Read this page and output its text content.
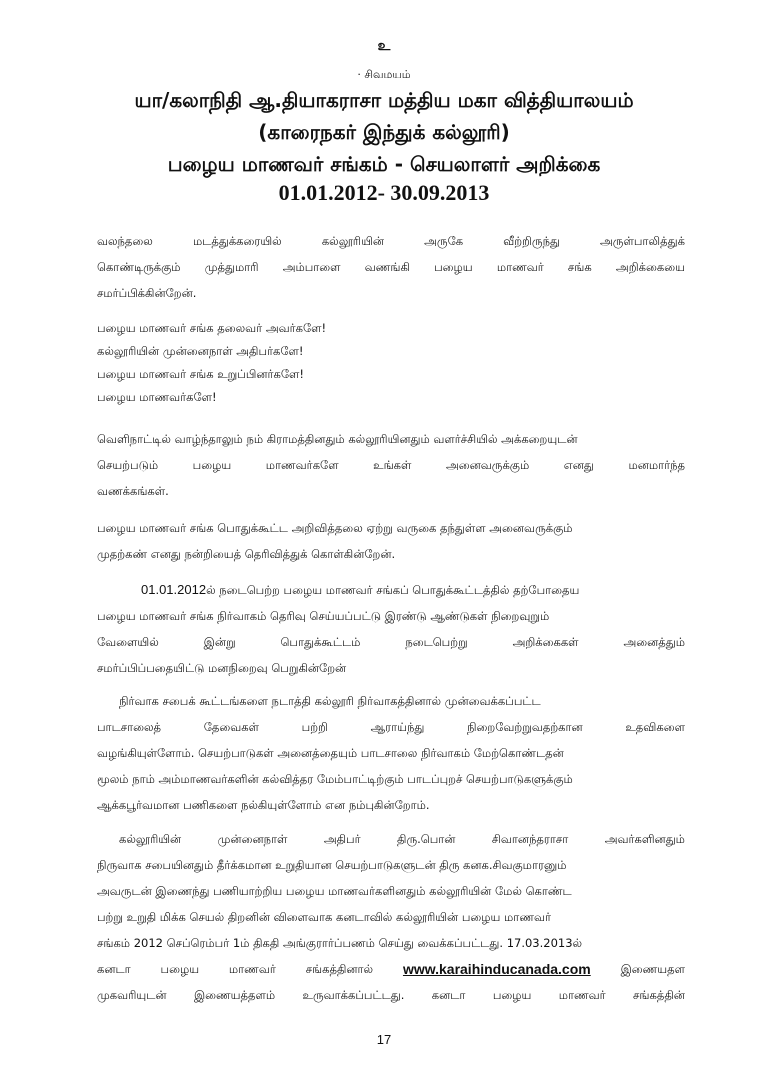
உ
· சிவமயம்
யா/கலாநிதி ஆ.தியாகராசா மத்திய மகா வித்தியாலயம்
(காரைநகர் இந்துக் கல்லூரி)
பழைய மாணவர் சங்கம் - செயலாளர் அறிக்கை
01.01.2012- 30.09.2013
வலந்தலை	மடத்துக்கரையில்	கல்லூரியின்	அருகே	வீற்றிருந்து	அருள்பாலித்துக்
கொண்டிருக்கும் முத்துமாரி அம்பாளை வணங்கி பழைய மாணவர் சங்க அறிக்கையை
சமர்ப்பிக்கின்றேன்.
பழைய மாணவர் சங்க தலைவர் அவர்களே!
கல்லூரியின் முன்னைநாள் அதிபர்களே!
பழைய மாணவர் சங்க உறுப்பினர்களே!
பழைய மாணவர்களே!
வெளிநாட்டில் வாழ்ந்தாலும் நம் கிராமத்தினதும் கல்லூரியினதும் வளர்ச்சியில் அக்கறையுடன்
செயற்படும்	பழைய	மாணவர்களே	உங்கள்	அனைவருக்கும்	எனது	மனமார்ந்த
வணக்கங்கள்.
பழைய மாணவர் சங்க பொதுக்கூட்ட அறிவித்தலை ஏற்று வருகை தந்துள்ள அனைவருக்கும்
முதற்கண் எனது நன்றியைத் தெரிவித்துக் கொள்கின்றேன்.
01.01.2012ல் நடைபெற்ற பழைய மாணவர் சங்கப் பொதுக்கூட்டத்தில் தற்போதைய
பழைய மாணவர் சங்க நிர்வாகம் தெரிவு செய்யப்பட்டு இரண்டு ஆண்டுகள் நிறைவுறும்
வேளையில்	இன்று	பொதுக்கூட்டம்	நடைபெற்று	அறிக்கைகள்	அனைத்தும்
சமர்ப்பிப்பதையிட்டு மனநிறைவு பெறுகின்றேன்
நிர்வாக சபைக் கூட்டங்களை நடாத்தி கல்லூரி நிர்வாகத்தினால் முன்வைக்கப்பட்ட
பாடசாலைத்	தேவைகள்	பற்றி	ஆராய்ந்து	நிறைவேற்றுவதற்கான	உதவிகளை
வழங்கியுள்ளோம். செயற்பாடுகள் அனைத்தையும் பாடசாலை நிர்வாகம் மேற்கொண்டதன்
மூலம் நாம் அம்மாணவர்களின் கல்வித்தர மேம்பாட்டிற்கும் பாடப்புறச் செயற்பாடுகளுக்கும்
ஆக்கபூர்வமான பணிகளை நல்கியுள்ளோம் என நம்புகின்றோம்.
கல்லூரியின்	முன்னைநாள்	அதிபர்	திரு.பொன்	சிவானந்தராசா	அவர்களினதும்
நிருவாக சபையினதும் தீர்க்கமான உறுதியான செயற்பாடுகளுடன் திரு கனக.சிவகுமாரனும்
அவருடன் இணைந்து பணியாற்றிய பழைய மாணவர்களினதும் கல்லூரியின் மேல் கொண்ட
பற்று உறுதி மிக்க செயல் திறனின் விளைவாக கனடாவில் கல்லூரியின் பழைய மாணவர்
சங்கம் 2012 செப்ரெம்பர் 1ம் திகதி அங்குரார்ப்பணம் செய்து வைக்கப்பட்டது. 17.03.2013ல்
கனடா	பழைய	மாணவர்	சங்கத்தினால் www.karaihinducanada.com	இணையதள
முகவரியுடன் இணையத்தளம் உருவாக்கப்பட்டது. கனடா பழைய மாணவர் சங்கத்தின்
17
